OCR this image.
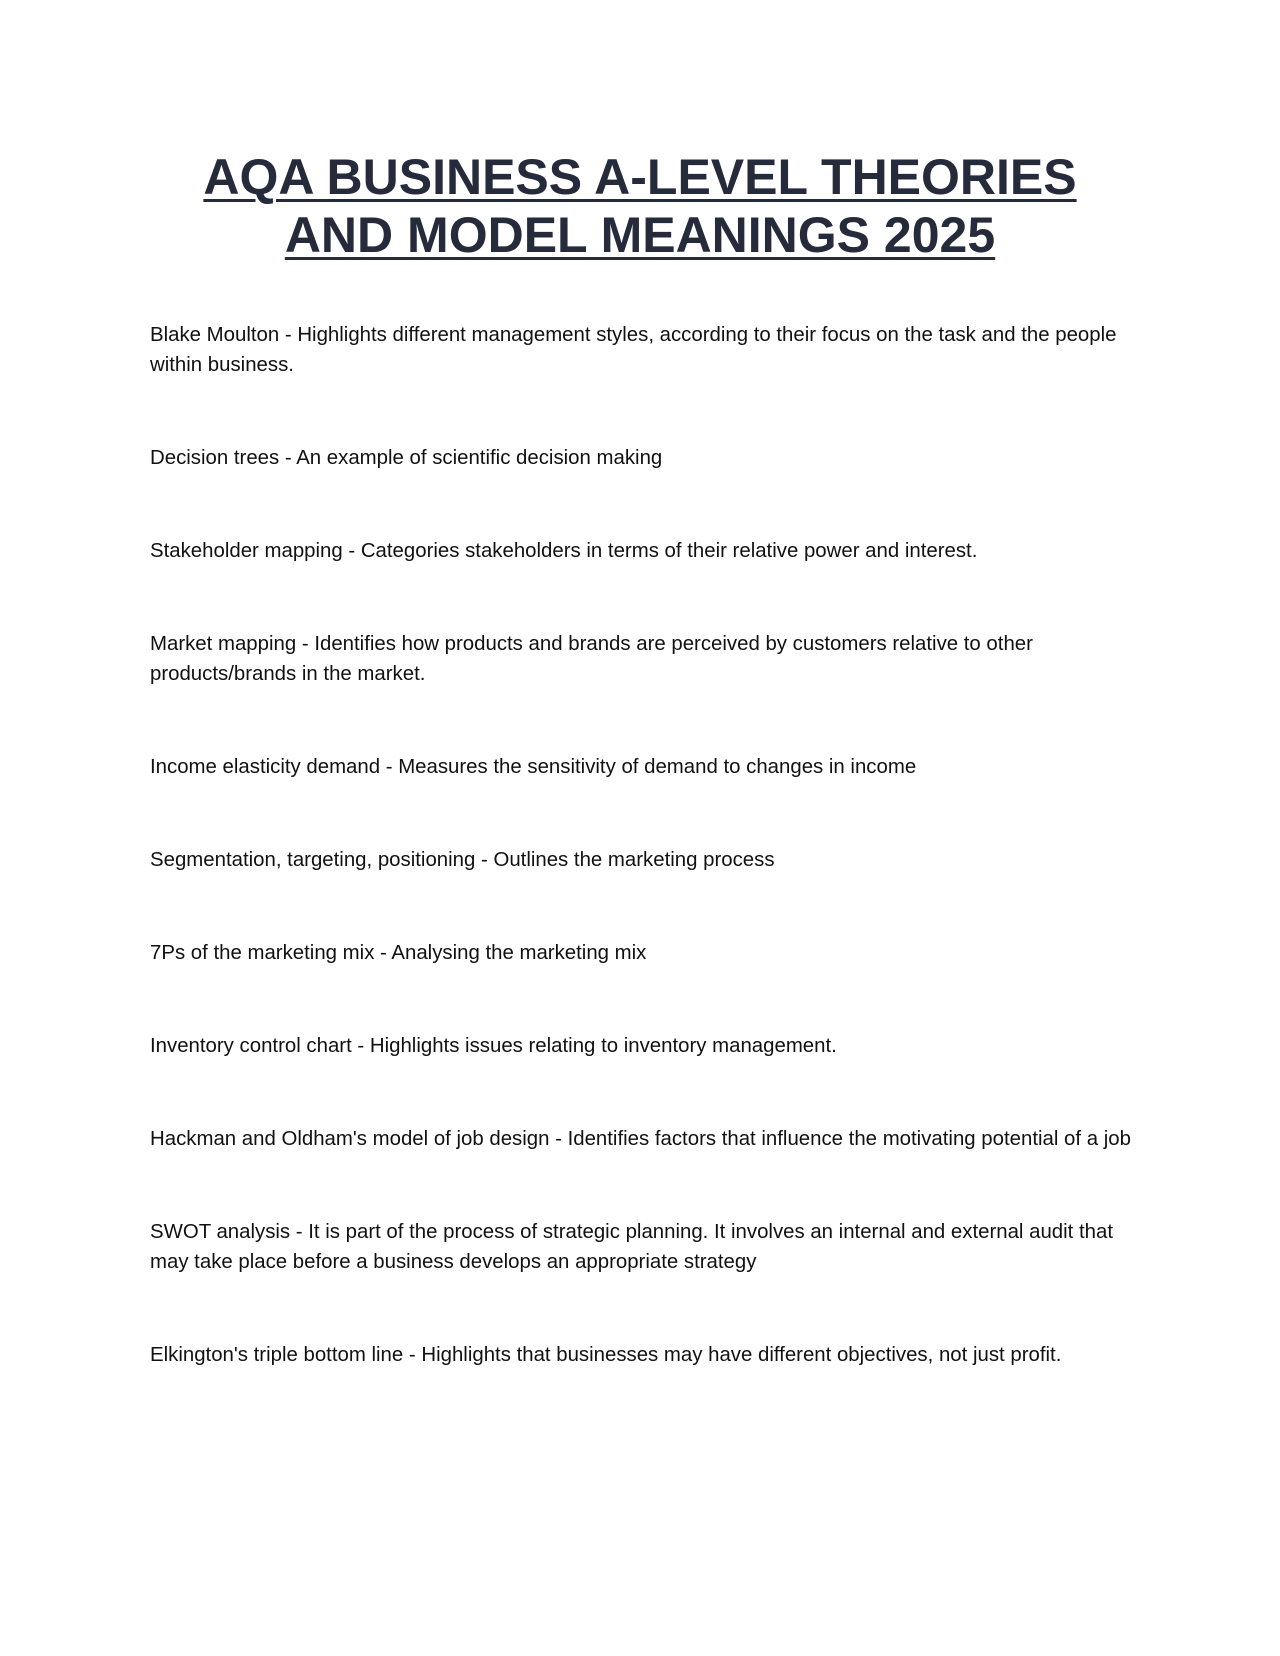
AQA BUSINESS A-LEVEL THEORIES
AND MODEL MEANINGS 2025
Blake Moulton - Highlights different management styles, according to their focus on the task and the people within business.
Decision trees - An example of scientific decision making
Stakeholder mapping - Categories stakeholders in terms of their relative power and interest.
Market mapping - Identifies how products and brands are perceived by customers relative to other products/brands in the market.
Income elasticity demand - Measures the sensitivity of demand to changes in income
Segmentation, targeting, positioning - Outlines the marketing process
7Ps of the marketing mix - Analysing the marketing mix
Inventory control chart - Highlights issues relating to inventory management.
Hackman and Oldham's model of job design - Identifies factors that influence the motivating potential of a job
SWOT analysis - It is part of the process of strategic planning. It involves an internal and external audit that may take place before a business develops an appropriate strategy
Elkington's triple bottom line - Highlights that businesses may have different objectives, not just profit.
